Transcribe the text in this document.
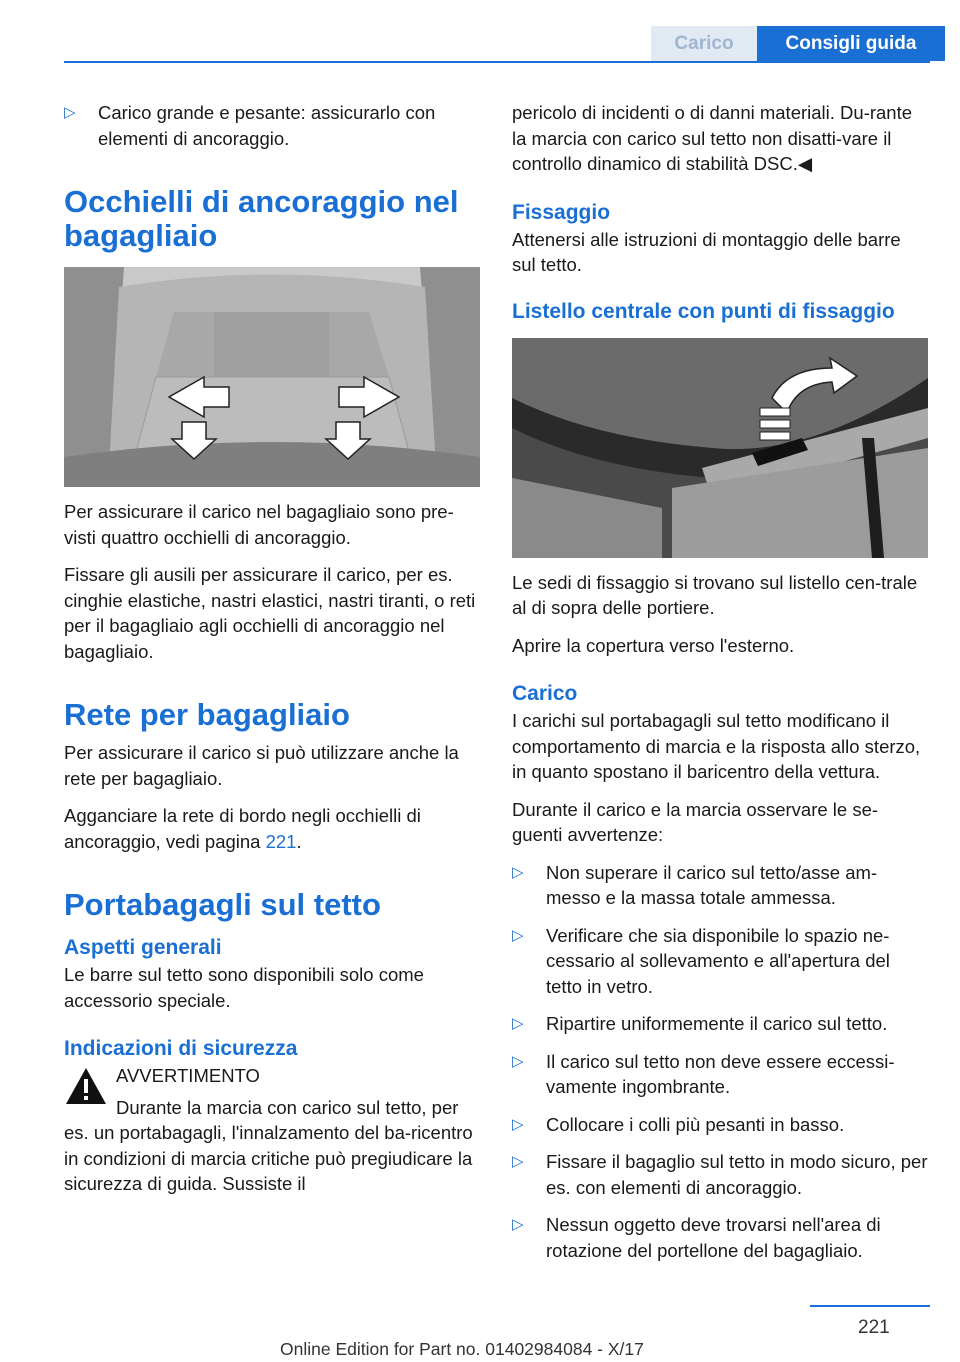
Carico	Consigli guida
▷ Carico grande e pesante: assicurarlo con elementi di ancoraggio.
Occhielli di ancoraggio nel bagagliaio

Per assicurare il carico nel bagagliaio sono pre‐visti quattro occhielli di ancoraggio.

Fissare gli ausili per assicurare il carico, per es. cinghie elastiche, nastri elastici, nastri tiranti, o reti per il bagagliaio agli occhielli di ancoraggio nel bagagliaio.

Rete per bagagliaio

Per assicurare il carico si può utilizzare anche la rete per bagagliaio.

Agganciare la rete di bordo negli occhielli di ancoraggio, vedi pagina 221.

Portabagagli sul tetto
Aspetti generali

Le barre sul tetto sono disponibili solo come accessorio speciale.

Indicazioni di sicurezza

AVVERTIMENTO

Durante la marcia con carico sul tetto, per es. un portabagagli, l'innalzamento del ba‐ricentro in condizioni di marcia critiche può pregiudicare la sicurezza di guida. Sussiste il

pericolo di incidenti o di danni materiali. Du‐rante la marcia con carico sul tetto non disatti‐vare il controllo dinamico di stabilità DSC.◀

Fissaggio

Attenersi alle istruzioni di montaggio delle barre sul tetto.

Listello centrale con punti di fissaggio

Le sedi di fissaggio si trovano sul listello cen‐trale al di sopra delle portiere.

Aprire la copertura verso l'esterno.

Carico

I carichi sul portabagagli sul tetto modificano il comportamento di marcia e la risposta allo sterzo, in quanto spostano il baricentro della vettura.

Durante il carico e la marcia osservare le se‐guenti avvertenze:

▷ Non superare il carico sul tetto/asse am‐messo e la massa totale ammessa.
▷ Verificare che sia disponibile lo spazio ne‐cessario al sollevamento e all'apertura del tetto in vetro.
▷ Ripartire uniformemente il carico sul tetto.
▷ Il carico sul tetto non deve essere eccessi‐vamente ingombrante.
▷ Collocare i colli più pesanti in basso.
▷ Fissare il bagaglio sul tetto in modo sicuro, per es. con elementi di ancoraggio.
▷ Nessun oggetto deve trovarsi nell'area di rotazione del portellone del bagagliaio.
221
Online Edition for Part no. 01402984084 - X/17
